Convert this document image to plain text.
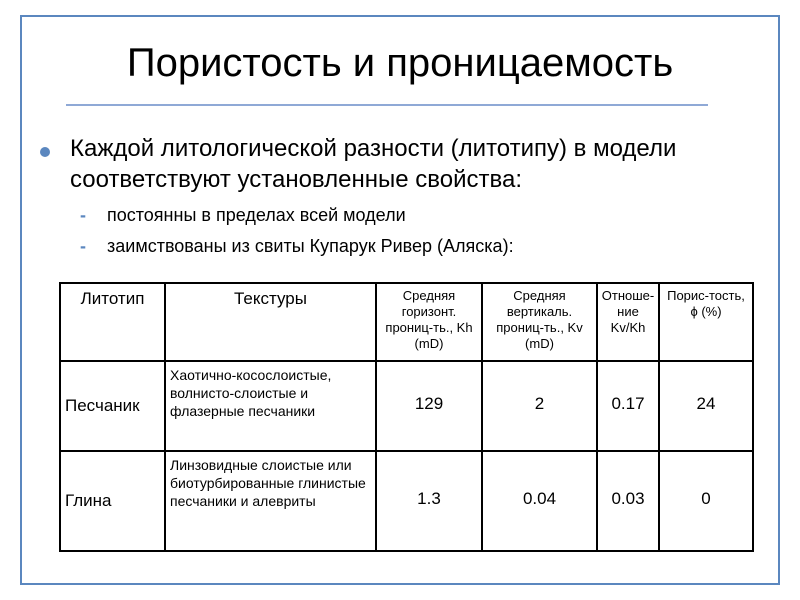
Пористость и проницаемость
Каждой литологической разности (литотипу) в модели соответствуют установленные свойства:
-	постоянны в пределах всей модели
-	заимствованы из свиты Купарук Ривер (Аляска):
Литотип	Текстуры	Средняя горизонт. прониц-ть., Kh (mD)	Средняя вертикаль. прониц-ть., Kv (mD)	Отноше-ние Kv/Kh	Порис-тость, ϕ (%)
Песчаник	Хаотично-косослоистые, волнисто-слоистые и флазерные песчаники	129	2	0.17	24
Глина	Линзовидные слоистые или биотурбированные глинистые песчаники и алевриты	1.3	0.04	0.03	0
